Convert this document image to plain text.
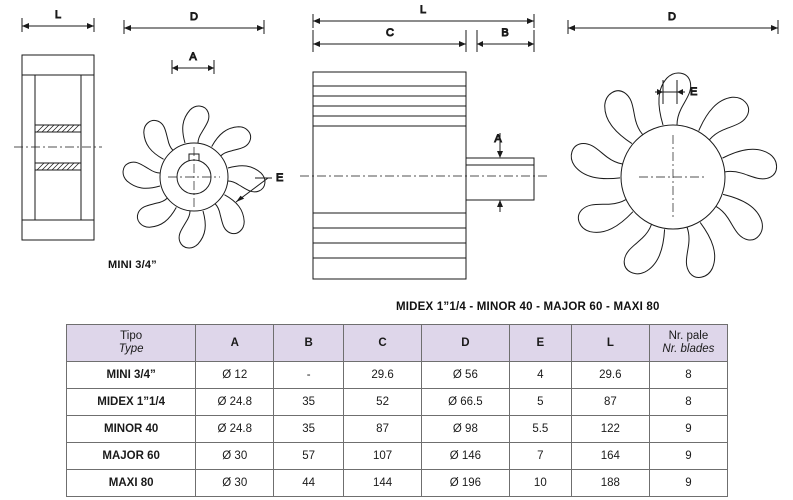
L	D
A
E
L
C	B
A
D
E
MINI 3/4”
MIDEX 1”1/4 - MINOR 40 - MAJOR 60 - MAXI 80
Tipo
Type	A	B	C	D	E	L	Nr. pale
Nr. blades

MINI 3/4”	Ø 12	-	29.6	Ø 56	4	29.6	8
MIDEX 1”1/4	Ø 24.8	35	52	Ø 66.5	5	87	8
MINOR 40	Ø 24.8	35	87	Ø 98	5.5	122	9
MAJOR 60	Ø 30	57	107	Ø 146	7	164	9
MAXI 80	Ø 30	44	144	Ø 196	10	188	9
